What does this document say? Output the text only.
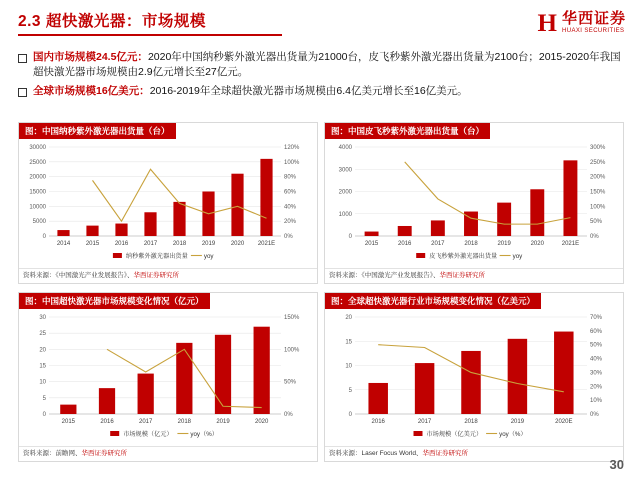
2.3 超快激光器：市场规模	H 华西证券
HUAXI SECURITIES
国内市场规模24.5亿元：2020年中国纳秒紫外激光器出货量为21000台，皮飞秒紫外激光器出货量为2100台；2015-2020年我国超快激光器市场规模由2.9亿元增长至27亿元。
全球市场规模16亿美元：2016-2019年全球超快激光器市场规模由6.4亿美元增长至16亿美元。
图：中国纳秒紫外激光器出货量（台）
0
5000
10000
15000
20000
25000
30000
0%
20%
40%
60%
80%
100%
120%
2014	2015	2016	2017	2018	2019	2020 2021E
纳秒紫外激光器出货量	yoy
资料来源：《中国激光产业发展报告》、华西证券研究所
图：中国皮飞秒紫外激光器出货量（台）
0
1000
2000
3000
4000
0%
50%
100%
150%
200%
250%
300%
2015	2016	2017	2018	2019	2020	2021E
皮飞秒紫外激光器出货量 yoy
资料来源：《中国激光产业发展报告》、华西证券研究所
图：中国超快激光器市场规模变化情况（亿元）
0
5
10
15
20
25
30
0%
50%
100%
150%
2015	2016	2017	2018	2019	2020
市场规模（亿元）	yoy（%）
资料来源：前瞻网、华西证券研究所
图：全球超快激光器行业市场规模变化情况（亿美元）
0
5
10
15
20
0%
10%
20%
30%
40%
50%
60%
70%
2016	2017	2018	2019	2020E
市场规模（亿美元）	yoy（%）
资料来源：Laser Focus World、华西证券研究所
30
